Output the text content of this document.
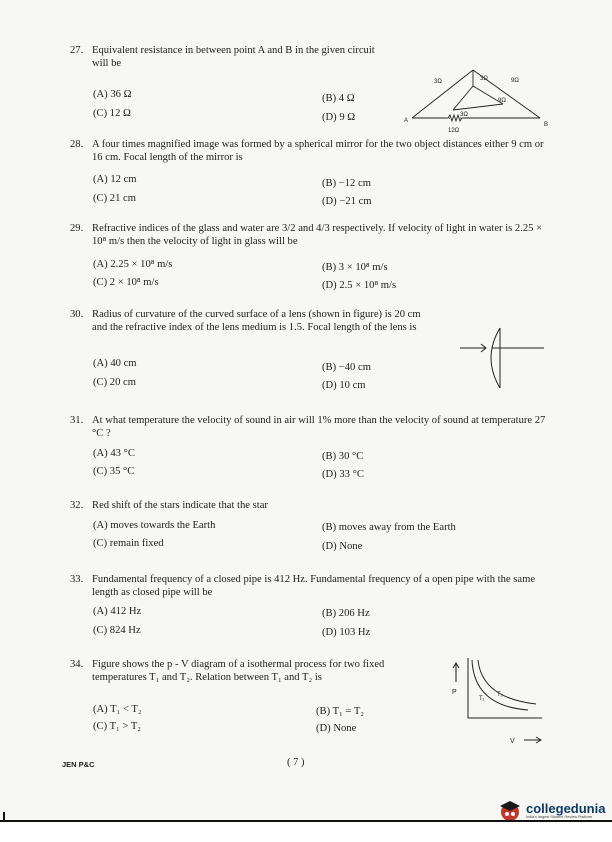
27. Equivalent resistance in between point A and B in the given circuit will be
(A) 36 Ω	(B) 4 Ω
(C) 12 Ω	(D) 9 Ω
3Ω	3Ω	9Ω
9Ω
3Ω
12Ω
A
B
28. A four times magnified image was formed by a spherical mirror for the two object distances either 9 cm or 16 cm. Focal length of the mirror is
(A) 12 cm	(B) −12 cm
(C) 21 cm	(D) −21 cm
29. Refractive indices of the glass and water are 3/2 and 4/3 respectively. If velocity of light in water is 2.25 × 10⁸ m/s then the velocity of light in glass will be
(A) 2.25 × 10⁸ m/s	(B) 3 × 10⁸ m/s
(C) 2 × 10⁸ m/s	(D) 2.5 × 10⁸ m/s
30. Radius of curvature of the curved surface of a lens (shown in figure) is 20 cm and the refractive index of the lens medium is 1.5. Focal length of the lens is
(A) 40 cm	(B) −40 cm
(C) 20 cm	(D) 10 cm
31. At what temperature the velocity of sound in air will 1% more than the velocity of sound at temperature 27 °C ?
(A) 43 °C	(B) 30 °C
(C) 35 °C	(D) 33 °C
32. Red shift of the stars indicate that the star
(A) moves towards the Earth	(B) moves away from the Earth
(C) remain fixed	(D) None
33. Fundamental frequency of a closed pipe is 412 Hz. Fundamental frequency of a open pipe with the same length as closed pipe will be
(A) 412 Hz	(B) 206 Hz
(C) 824 Hz	(D) 103 Hz
34. Figure shows the p - V diagram of a isothermal process for two fixed temperatures T₁ and T₂. Relation between T₁ and T₂ is
(A) T₁ < T₂	(B) T₁ = T₂
(C) T₁ > T₂	(D) None
P
V
T₁
T₂
JEN P&C	( 7 )
collegedunia
India's largest Student Review Platform
